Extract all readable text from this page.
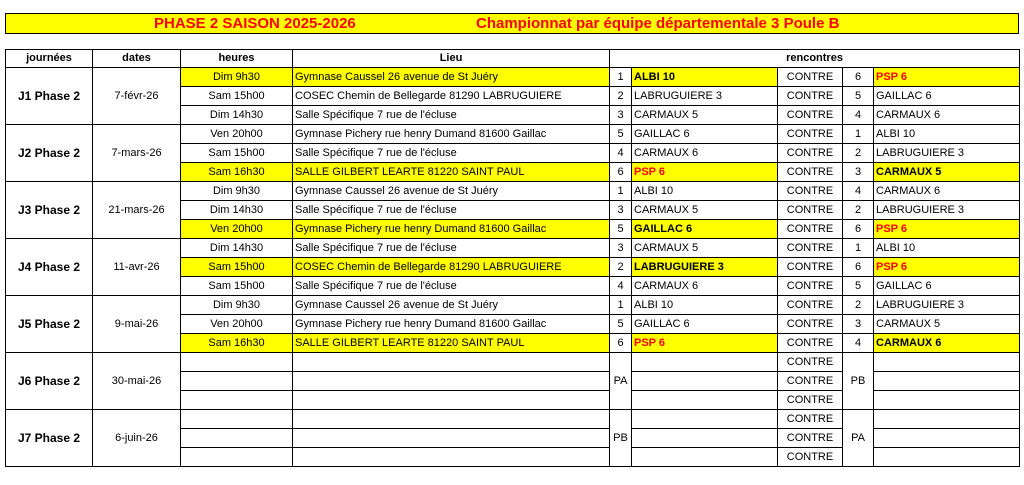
PHASE 2 SAISON 2025-2026	Championnat par équipe départementale 3 Poule B
journées	dates	heures	Lieu	rencontres				
J1 Phase 2	7-févr-26	Dim 9h30	Gymnase Caussel 26 avenue de St Juéry	1	ALBI 10	CONTRE	6	PSP 6
		Sam 15h00	COSEC Chemin de Bellegarde 81290 LABRUGUIERE	2	LABRUGUIERE 3	CONTRE	5	GAILLAC 6
		Dim 14h30	Salle Spécifique 7 rue de l'écluse	3	CARMAUX 5	CONTRE	4	CARMAUX 6
J2 Phase 2	7-mars-26	Ven 20h00	Gymnase Pichery rue henry Dumand 81600 Gaillac	5	GAILLAC 6	CONTRE	1	ALBI 10
		Sam 15h00	Salle Spécifique 7 rue de l'écluse	4	CARMAUX 6	CONTRE	2	LABRUGUIERE 3
		Sam 16h30	SALLE GILBERT LEARTE 81220 SAINT PAUL	6	PSP 6	CONTRE	3	CARMAUX 5
J3 Phase 2	21-mars-26	Dim 9h30	Gymnase Caussel 26 avenue de St Juéry	1	ALBI 10	CONTRE	4	CARMAUX 6
		Dim 14h30	Salle Spécifique 7 rue de l'écluse	3	CARMAUX 5	CONTRE	2	LABRUGUIERE 3
		Ven 20h00	Gymnase Pichery rue henry Dumand 81600 Gaillac	5	GAILLAC 6	CONTRE	6	PSP 6
J4 Phase 2	11-avr-26	Dim 14h30	Salle Spécifique 7 rue de l'écluse	3	CARMAUX 5	CONTRE	1	ALBI 10
		Sam 15h00	COSEC Chemin de Bellegarde 81290 LABRUGUIERE	2	LABRUGUIERE 3	CONTRE	6	PSP 6
		Sam 15h00	Salle Spécifique 7 rue de l'écluse	4	CARMAUX 6	CONTRE	5	GAILLAC 6
J5 Phase 2	9-mai-26	Dim 9h30	Gymnase Caussel 26 avenue de St Juéry	1	ALBI 10	CONTRE	2	LABRUGUIERE 3
		Ven 20h00	Gymnase Pichery rue henry Dumand 81600 Gaillac	5	GAILLAC 6	CONTRE	3	CARMAUX 5
		Sam 16h30	SALLE GILBERT LEARTE 81220 SAINT PAUL	6	PSP 6	CONTRE	4	CARMAUX 6
J6 Phase 2	30-mai-26			PA		CONTRE	PB	
						CONTRE		
						CONTRE		
J7 Phase 2	6-juin-26			PB		CONTRE	PA	
						CONTRE		
						CONTRE		
